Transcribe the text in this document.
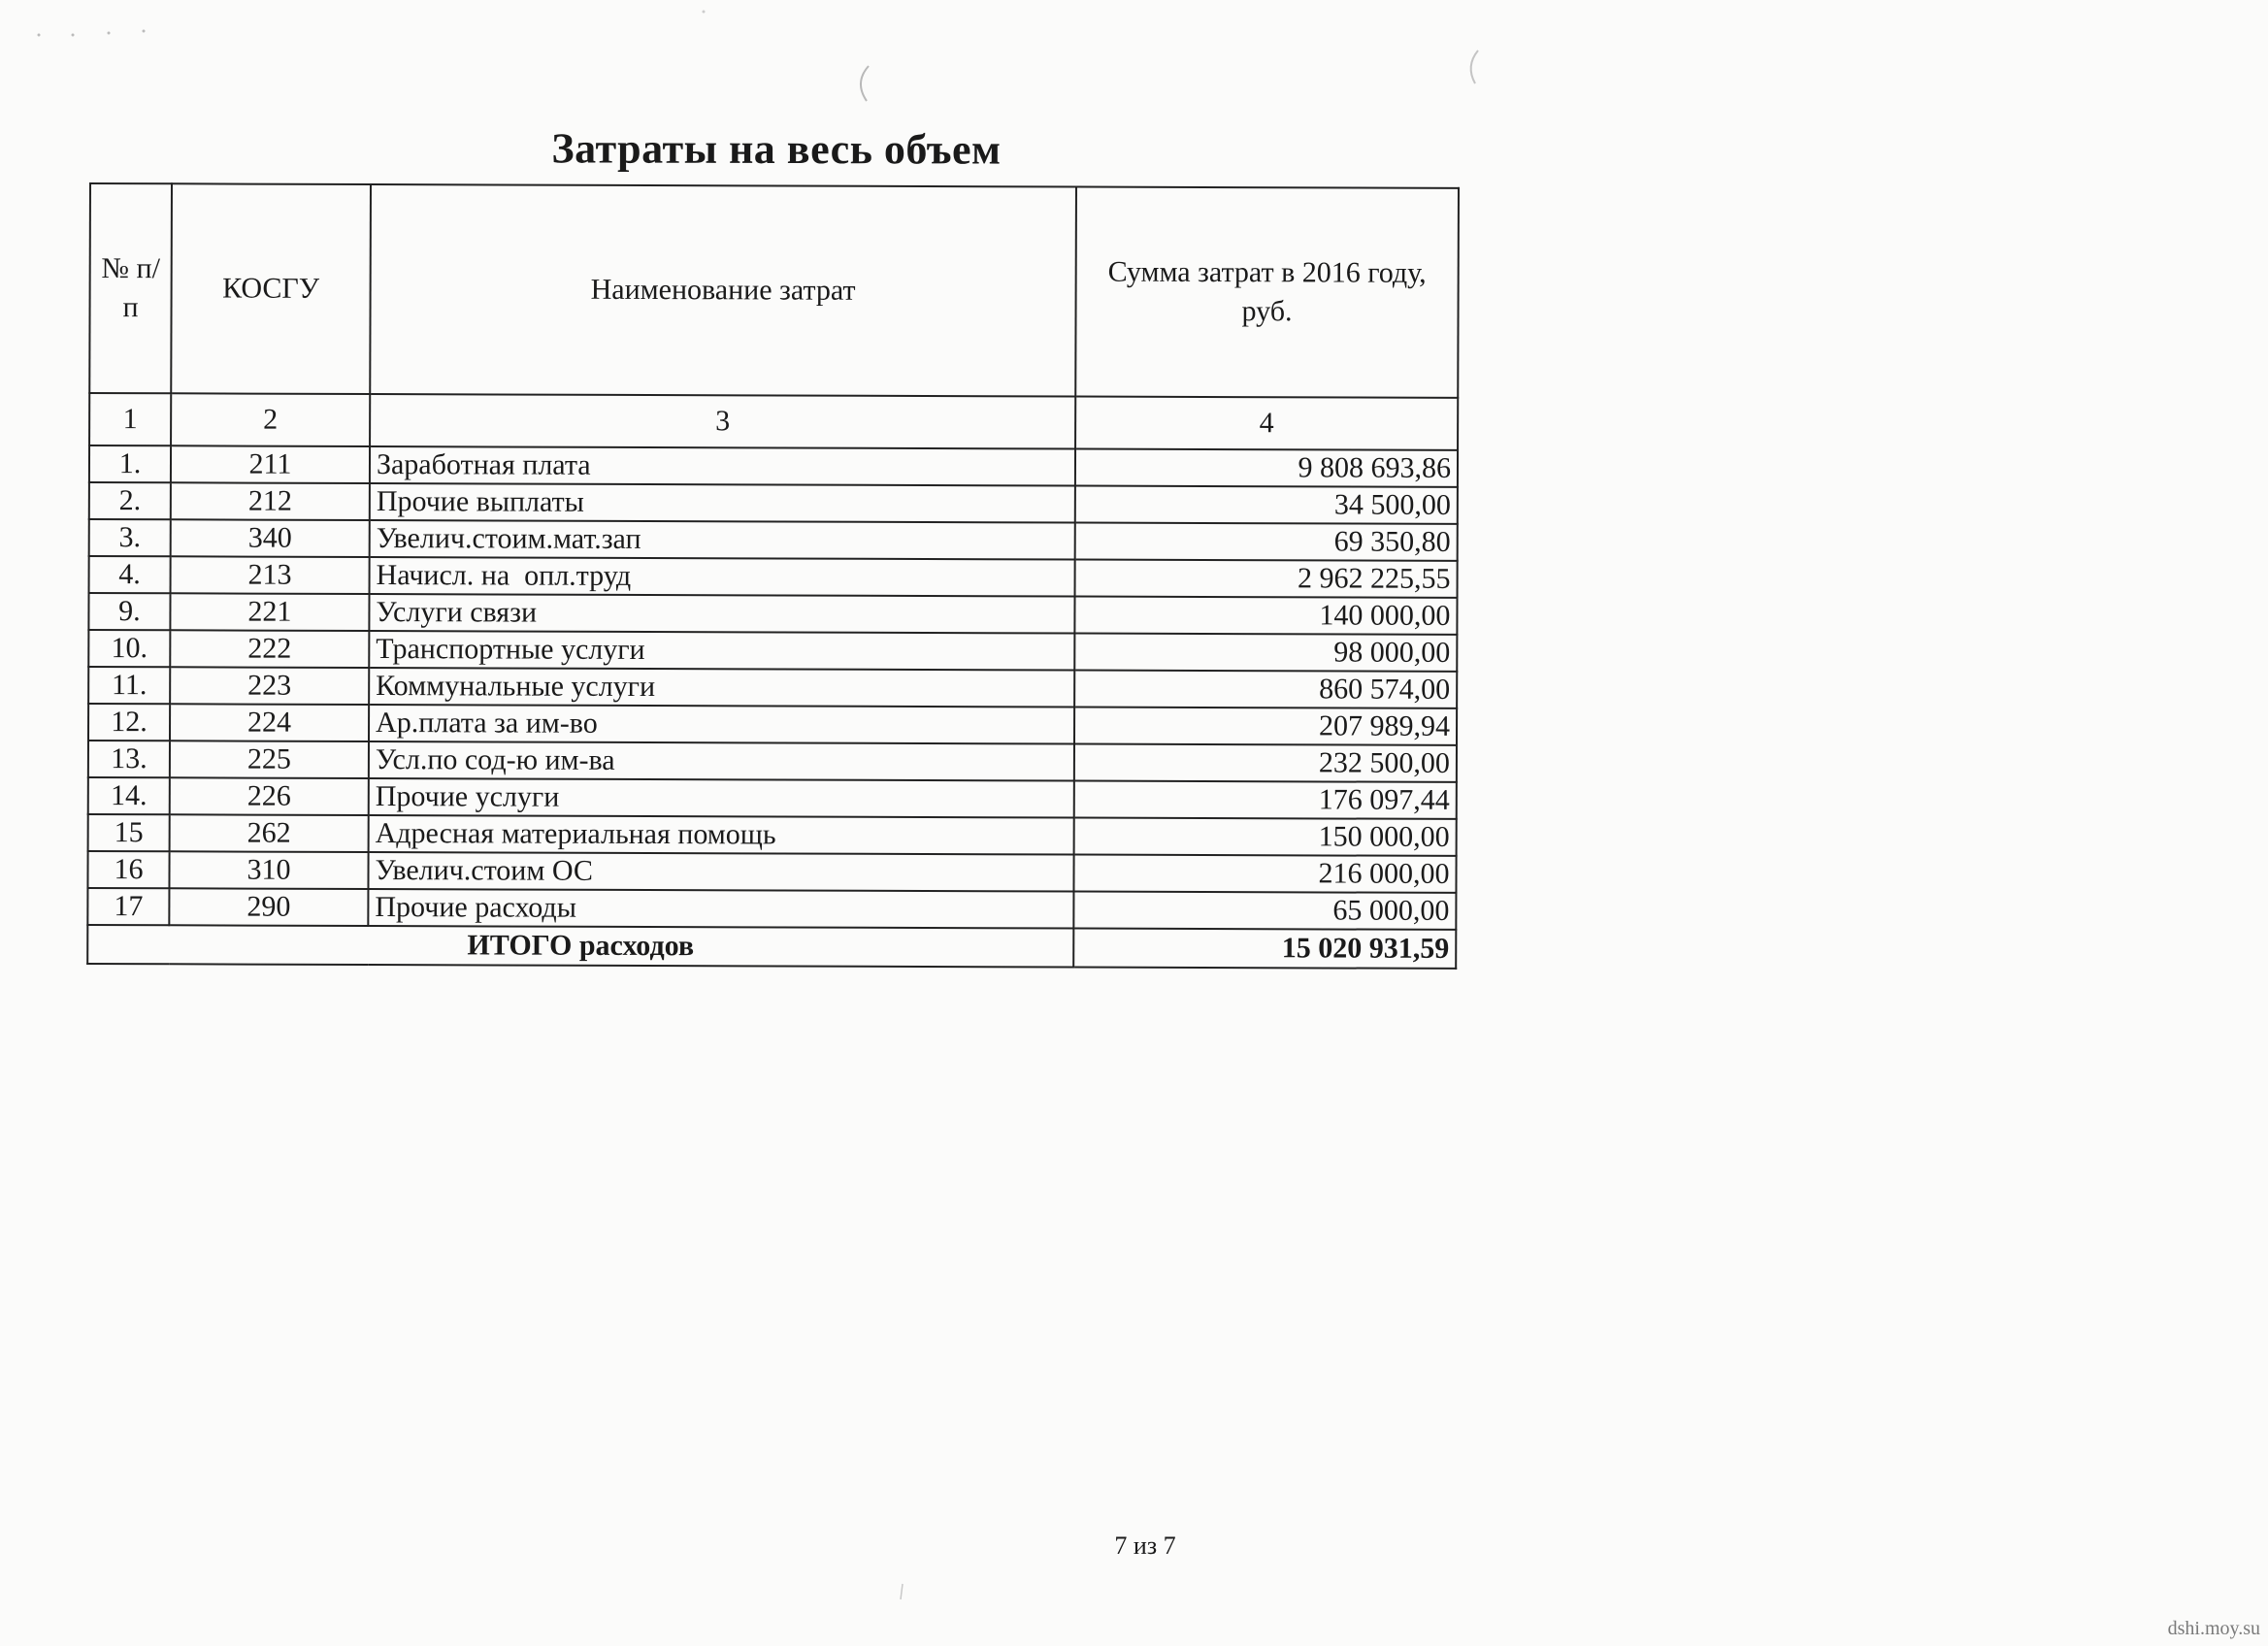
Затраты на весь объем
№ п/п	КОСГУ	Наименование затрат	Сумма затрат в 2016 году, руб.
1	2	3	4
1.	211	Заработная плата	9 808 693,86
2.	212	Прочие выплаты	34 500,00
3.	340	Увелич.стоим.мат.зап	69 350,80
4.	213	Начисл. на  опл.труд	2 962 225,55
9.	221	Услуги связи	140 000,00
10.	222	Транспортные услуги	98 000,00
11.	223	Коммунальные услуги	860 574,00
12.	224	Ар.плата за им-во	207 989,94
13.	225	Усл.по сод-ю им-ва	232 500,00
14.	226	Прочие услуги	176 097,44
15	262	Адресная материальная помощь	150 000,00
16	310	Увелич.стоим ОС	216 000,00
17	290	Прочие расходы	65 000,00
ИТОГО расходов			15 020 931,59
7 из 7
dshi.moy.su
